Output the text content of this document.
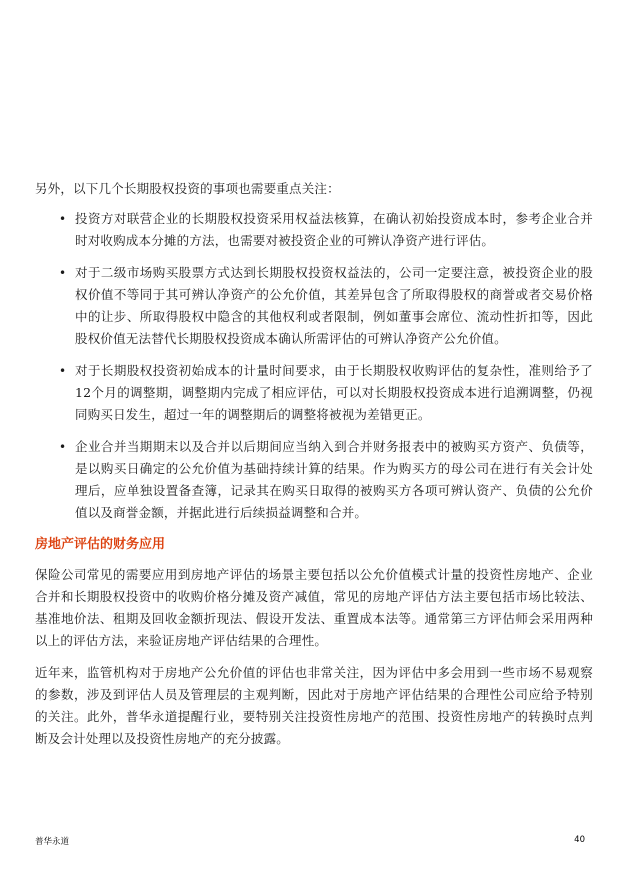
另外，以下几个长期股权投资的事项也需要重点关注：

• 投资方对联营企业的长期股权投资采用权益法核算，在确认初始投资成本时，参考企业合并时对收购成本分摊的方法，也需要对被投资企业的可辨认净资产进行评估。
• 对于二级市场购买股票方式达到长期股权投资权益法的，公司一定要注意，被投资企业的股权价值不等同于其可辨认净资产的公允价值，其差异包含了所取得股权的商誉或者交易价格中的让步、所取得股权中隐含的其他权利或者限制，例如董事会席位、流动性折扣等，因此股权价值无法替代长期股权投资成本确认所需评估的可辨认净资产公允价值。
• 对于长期股权投资初始成本的计量时间要求，由于长期股权收购评估的复杂性，准则给予了12个月的调整期，调整期内完成了相应评估，可以对长期股权投资成本进行追溯调整，仍视同购买日发生，超过一年的调整期后的调整将被视为差错更正。
• 企业合并当期期末以及合并以后期间应当纳入到合并财务报表中的被购买方资产、负债等，是以购买日确定的公允价值为基础持续计算的结果。作为购买方的母公司在进行有关会计处理后，应单独设置备查簿，记录其在购买日取得的被购买方各项可辨认资产、负债的公允价值以及商誉金额，并据此进行后续损益调整和合并。
房地产评估的财务应用

保险公司常见的需要应用到房地产评估的场景主要包括以公允价值模式计量的投资性房地产、企业合并和长期股权投资中的收购价格分摊及资产减值，常见的房地产评估方法主要包括市场比较法、基准地价法、租期及回收金额折现法、假设开发法、重置成本法等。通常第三方评估师会采用两种以上的评估方法，来验证房地产评估结果的合理性。

近年来，监管机构对于房地产公允价值的评估也非常关注，因为评估中多会用到一些市场不易观察的参数，涉及到评估人员及管理层的主观判断，因此对于房地产评估结果的合理性公司应给予特别的关注。此外，普华永道提醒行业，要特别关注投资性房地产的范围、投资性房地产的转换时点判断及会计处理以及投资性房地产的充分披露。

普华永道	40
